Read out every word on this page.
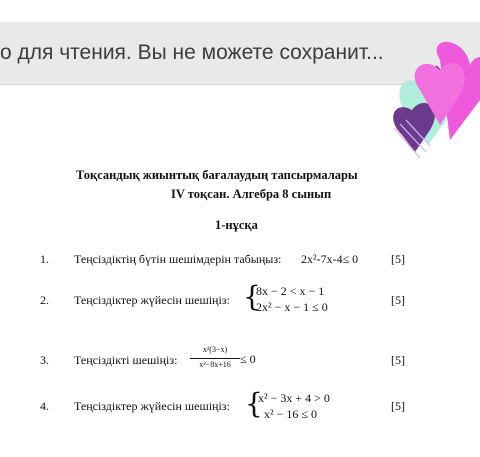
о для чтения. Вы не можете сохранит...
Тоқсандық жиынтық бағалаудың тапсырмалары
IV тоқсан. Алгебра 8 сынып
1-нұсқа
1. Теңсіздіктің бүтін шешімдерін табыңыз: 2x²-7x-4≤ 0	[5]
2. Теңсіздіктер жүйесін шешіңіз: {
8x − 2 < x − 1
2x² − x − 1 ≤ 0	[5]
3. Теңсіздікті шешіңіз:
x²(3−x)
x²−8x+16 ≤ 0	[5]
4. Теңсіздіктер жүйесін шешіңіз: {
x² − 3x + 4 > 0
x² − 16 ≤ 0
[5]
